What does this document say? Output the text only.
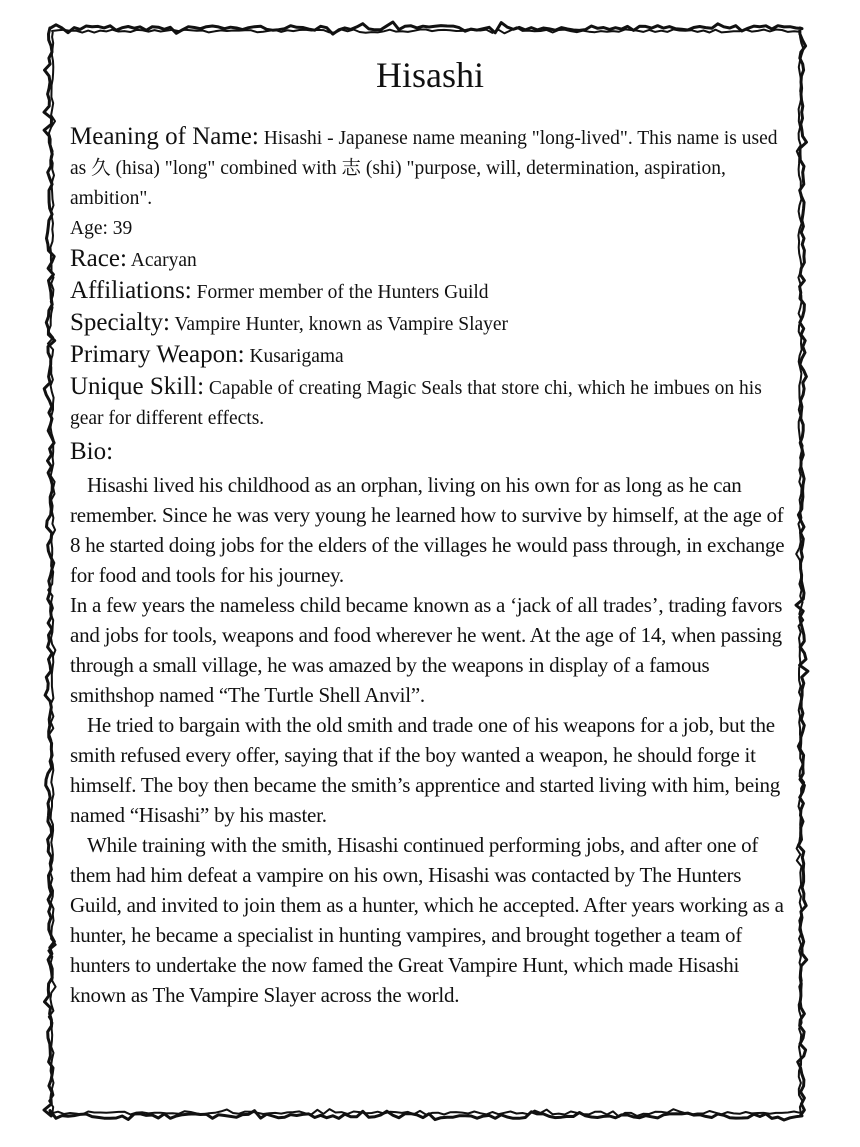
Hisashi
Meaning of Name: Hisashi - Japanese name meaning "long-lived". This name is used as 久 (hisa) "long" combined with 志 (shi) "purpose, will, determination, aspiration, ambition".
Age: 39
Race: Acaryan
Affiliations: Former member of the Hunters Guild
Specialty: Vampire Hunter, known as Vampire Slayer
Primary Weapon: Kusarigama
Unique Skill: Capable of creating Magic Seals that store chi, which he imbues on his gear for different effects.
Bio:

Hisashi lived his childhood as an orphan, living on his own for as long as he can remember. Since he was very young he learned how to survive by himself, at the age of 8 he started doing jobs for the elders of the villages he would pass through, in exchange for food and tools for his journey.

In a few years the nameless child became known as a ‘jack of all trades’, trading favors and jobs for tools, weapons and food wherever he went. At the age of 14, when passing through a small village, he was amazed by the weapons in display of a famous smithshop named “The Turtle Shell Anvil”.

He tried to bargain with the old smith and trade one of his weapons for a job, but the smith refused every offer, saying that if the boy wanted a weapon, he should forge it himself. The boy then became the smith’s apprentice and started living with him, being named “Hisashi” by his master.

While training with the smith, Hisashi continued performing jobs, and after one of them had him defeat a vampire on his own, Hisashi was contacted by The Hunters Guild, and invited to join them as a hunter, which he accepted. After years working as a hunter, he became a specialist in hunting vampires, and brought together a team of hunters to undertake the now famed the Great Vampire Hunt, which made Hisashi known as The Vampire Slayer across the world.
